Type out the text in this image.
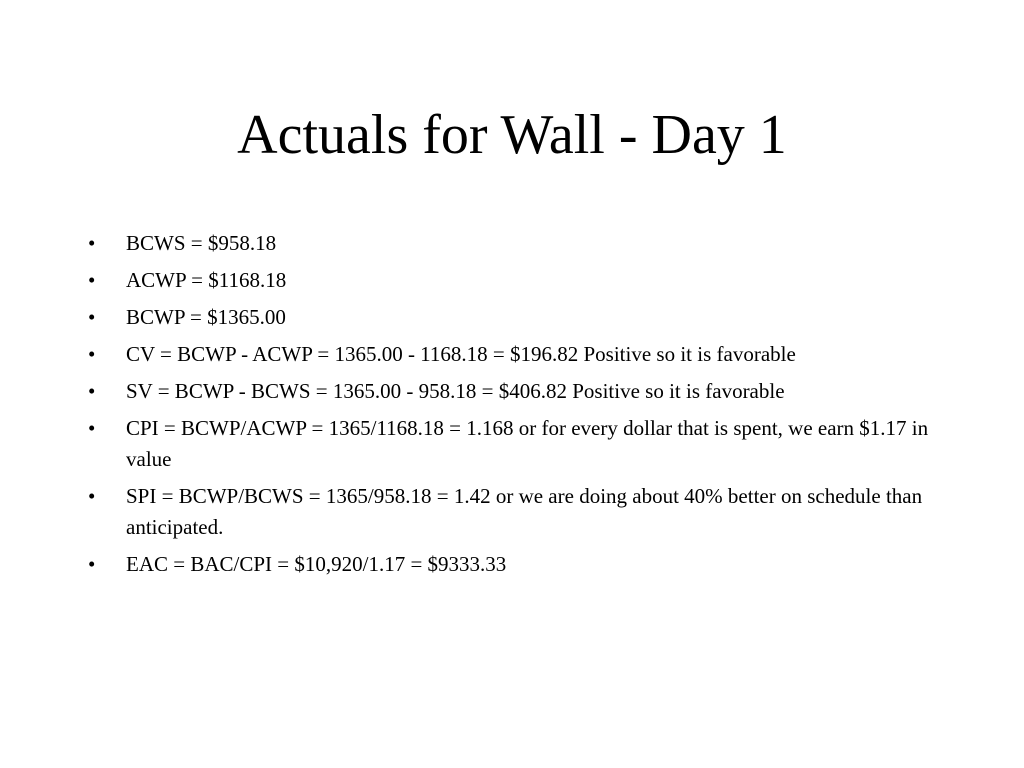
Actuals for Wall - Day 1
•	BCWS = $958.18
•	ACWP = $1168.18
•	BCWP = $1365.00
•	CV = BCWP - ACWP = 1365.00 - 1168.18 = $196.82 Positive so it is favorable
•	SV = BCWP - BCWS = 1365.00 - 958.18 = $406.82 Positive so it is favorable
•	CPI = BCWP/ACWP = 1365/1168.18 = 1.168 or for every dollar that is spent, we earn $1.17 in value
•	SPI = BCWP/BCWS = 1365/958.18 = 1.42 or we are doing about 40% better on schedule than anticipated.
•	EAC = BAC/CPI = $10,920/1.17 = $9333.33
